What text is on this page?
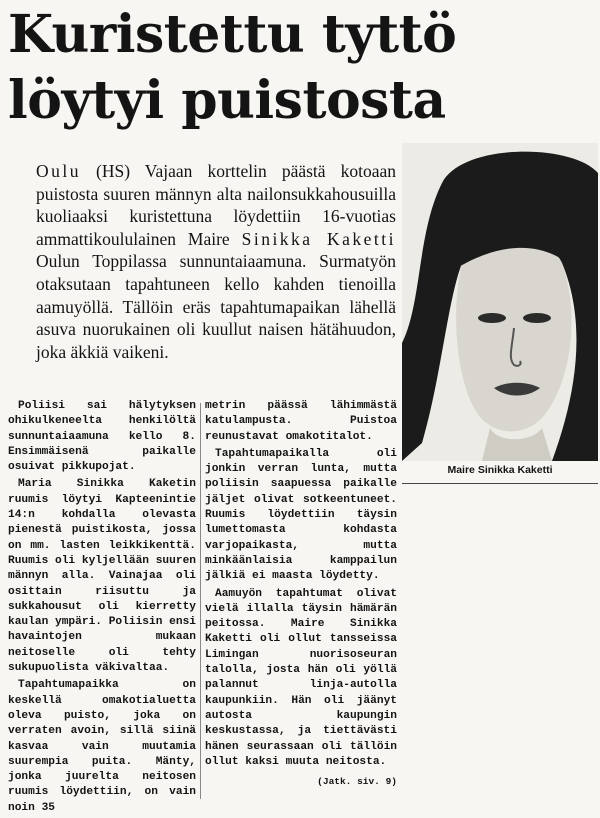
Kuristettu tyttö
löytyi puistosta

Oulu (HS) Vajaan korttelin päästä kotoaan puistosta suuren männyn alta nailonsukkahousuilla kuoliaaksi kuristettuna löydettiin 16-vuotias ammattikoululainen Maire Sinikka Kaketti Oulun Toppilassa sunnuntaiaamuna. Surmatyön otaksutaan tapahtuneen kello kahden tienoilla aamuyöllä. Tällöin eräs tapahtumapaikan lähellä asuva nuorukainen oli kuullut naisen hätähuudon, joka äkkiä vaikeni.

Maire Sinikka Kaketti

Poliisi sai hälytyksen ohikulkeneelta henkilöltä sunnuntaiaamuna kello 8. Ensimmäisenä paikalle osuivat pikkupojat.

Maria Sinikka Kaketin ruumis löytyi Kapteenintie 14:n kohdalla olevasta pienestä puistikosta, jossa on mm. lasten leikkikenttä. Ruumis oli kyljellään suuren männyn alla. Vainajaa oli osittain riisuttu ja sukkahousut oli kierretty kaulan ympäri. Poliisin ensi havaintojen mukaan neitoselle oli tehty sukupuolista väkivaltaa.

Tapahtumapaikka on keskellä omakotialuetta oleva puisto, joka on verraten avoin, sillä siinä kasvaa vain muutamia suurempia puita. Mänty, jonka juurelta neitosen ruumis löydettiin, on vain noin 35

metrin päässä lähimmästä katulampusta. Puistoa reunustavat omakotitalot.

Tapahtumapaikalla oli jonkin verran lunta, mutta poliisin saapuessa paikalle jäljet olivat sotkeentuneet. Ruumis löydettiin täysin lumettomasta kohdasta varjopaikasta, mutta minkäänlaisia kamppailun jälkiä ei maasta löydetty.

Aamuyön tapahtumat olivat vielä illalla täysin hämärän peitossa. Maire Sinikka Kaketti oli ollut tansseissa Limingan nuorisoseuran talolla, josta hän oli yöllä palannut linja-autolla kaupunkiin. Hän oli jäänyt autosta kaupungin keskustassa, ja tiettävästi hänen seurassaan oli tällöin ollut kaksi muuta neitosta.

(Jatk. siv. 9)
